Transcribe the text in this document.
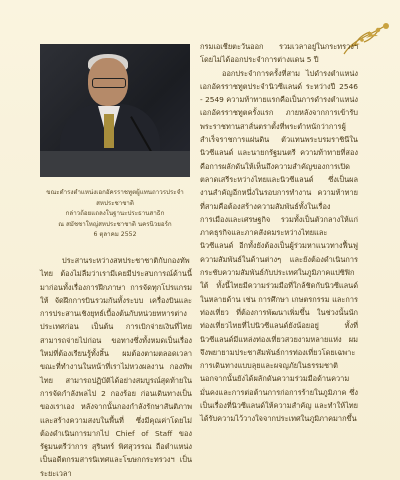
ขณะดำรงตำแหน่งเอกอัครราชทูตผู้แทนถาวรประจำสหประชาชาติ
กล่าวถ้อยแถลงในฐานะประธานสาธิก
ณ สมัชชาใหญ่สหประชาชาติ นครนิวยอร์ก
6 ตุลาคม 2552

ประสานระหว่างสหประชาชาติกับกองทัพไทย ต้องไม่ลืมว่าเรามีเคยมีประสบการณ์ด้านนี้มาก่อนทั้งเรื่องการฝึกภาษา การจัดทุกโปรแกรมให้ จัดฝึกการบินรวมกันทั้งระบบ เครื่องบินและการประสานเชิงยุทธ์เบื้องต้นกับหน่วยทหารต่างประเทศก่อน เป็นต้น การเบิกจ่ายเงินที่ไทยสามารถจ่ายไปก่อน ขอทางซึ่งทั้งหมดเป็นเรื่องใหม่ที่ต้องเรียนรู้ทั้งสิ้น ผมต้องตามตลอดเวลา ขณะที่ทำงานในหน้าที่เราไม่หวงผลงาน กองทัพไทย สามารถปฏิบัติได้อย่างสมบูรณ์สุดท้ายในการจัดกำลังพลไป 2 กองร้อย ก่อนเดินทางเป็นของเราเอง หลังจากนั้นกองกำลังรักษาสันติภาพ และสร้างความสงบในพื้นที่ ซึ่งมีคุณค่าโดยไม่ต้องดำเนินการมากไป Chief of Staff ของรัฐมนตรีว่าการ สุรินทร์ พิศสุวรรณ ถือตำแหน่งเป็นอดีตกรมสารนิเทศและโฆษกกระทรวงฯ เป็นระยะเวลา

กรมเอเชียตะวันออก รวมเวลาอยู่ในกระทรวงฯ โดยไม่ได้ออกประจำการต่างแดน 5 ปี

ออกประจำการครั้งที่สาม ไปดำรงตำแหน่งเอกอัครราชทูตประจำนิวซีแลนด์ ระหว่างปี 2546 - 2549 ความท้าทายแรกคือเป็นการดำรงตำแหน่งเอกอัครราชทูตครั้งแรก ภายหลังจากการเข้ารับพระราชทานสาส์นตราตั้งที่พระตำหนักว่าการผู้สำเร็จราชการแผ่นดิน ตัวแทนพระบรมราชินีในนิวซีแลนด์ และนายกรัฐมนตรี ความท้าทายที่สองคือการผลักดันให้เห็นถึงความสำคัญของการเปิดตลาดเสรีระหว่างไทยและนิวซีแลนด์ ซึ่งเป็นผลงานสำคัญอีกหนึ่งในรอบการทำงาน ความท้าทายที่สามคือต้องสร้างความสัมพันธ์ทั้งในเรื่องการเมืองและเศรษฐกิจ รวมทั้งเป็นตัวกลางให้แก่ภาคธุรกิจและภาคสังคมระหว่างไทยและนิวซีแลนด์ อีกทั้งยังต้องเป็นผู้ร่วมหาแนวทางฟื้นฟูความสัมพันธ์ในด้านต่างๆ และยังต้องดำเนินการกระชับความสัมพันธ์กับประเทศในภูมิภาคแปซิฟิกใต้ ทั้งนี้ไทยมีความร่วมมือที่ใกล้ชิดกับนิวซีแลนด์ในหลายด้าน เช่น การศึกษา เกษตรกรรม และการท่องเที่ยว ที่ต้องการพัฒนาเพิ่มขึ้น ในช่วงนั้นนักท่องเที่ยวไทยที่ไปนิวซีแลนด์ยังน้อยอยู่ ทั้งที่นิวซีแลนด์มีแหล่งท่องเที่ยวสวยงามหลายแห่ง ผมจึงพยายามประชาสัมพันธ์การท่องเที่ยวโดยเฉพาะการเดินทางแบบลุยและผจญภัยในธรรมชาติ นอกจากนั้นยังได้ผลักดันความร่วมมือด้านความมั่นคงและการต่อต้านการก่อการร้ายในภูมิภาค ซึ่งเป็นเรื่องที่นิวซีแลนด์ให้ความสำคัญ และทำให้ไทยได้รับความไว้วางใจจากประเทศในภูมิภาคมากขึ้น
